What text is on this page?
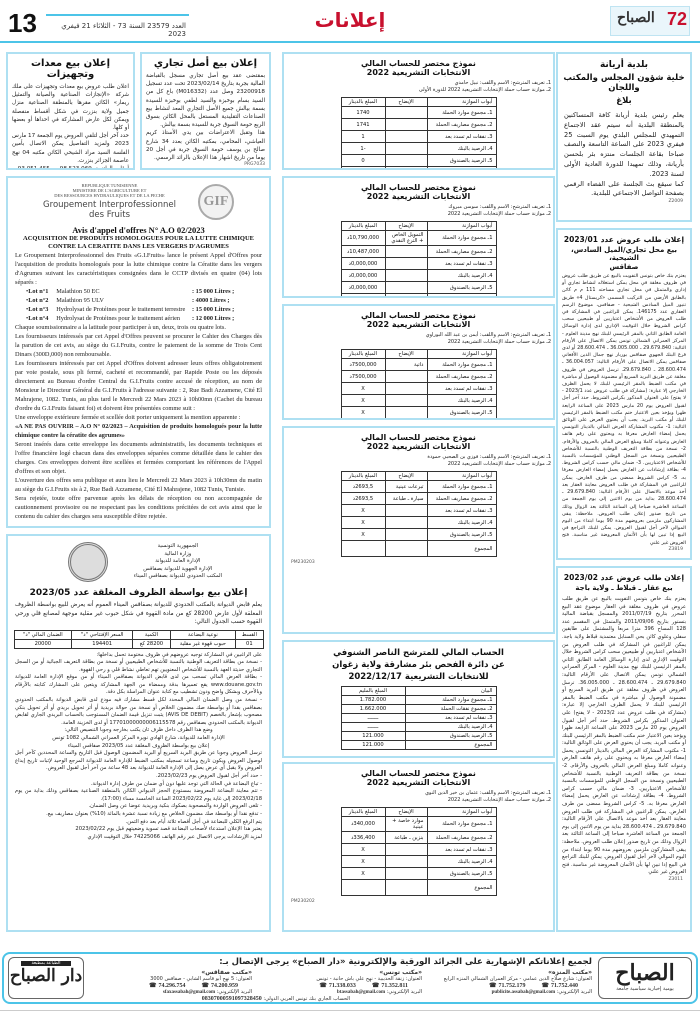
13	العدد 23579 السنة 73 - الثلاثاء 21 فيفري 2023
إعلانات	72
الصباح
إعلان بيع معدات وتجهيزات
اعلان طلب عروض بيع معدات وتجهيزات على ملك شركة «الإنجازات الصناعية والصيانة والتمثيل ريمار» الكائن مقرها بالمنطقة الصناعية منزل جميل ولاية بنزرت في شكل أقساط منفصلة ويمكن لكل عارض المشاركة في احداها أو بعضها أو كلها.
حدد آخر أجل لتلقي العروض يوم الجمعة 17 مارس 2023 ولمزيد التفاصيل يمكن الاتصال بأمين الفلسة السيد مراد الشيحي الكائن مكتبه 04 نهج عاصمة الجزائر بنزرت.
أرقام الهاتف: 98.523.069 ـ 93.051.455 ـ
إعلان بيع أصل تجاري
بمقتضى عقد بيع أصل تجاري مسجل بالقباضة المالية بجربة بتاريخ 2023/02/14 تحت عدد تسجيل 23200918 وصل عدد (M016332) باع كل من السيد بسام بوخبزة والسيد لطفي بوخبزة للسيدة بسمة بيالش جميع الأصل التجاري المعد لنشاط بيع الصناعات التقليدية المستغل بالمحل الكائن بسوق الربع حومة السوق جربة للسيدة بسمة بيالش.
هذا وتقبل الاعتراضات بين يدي الأستاذ كريم العياشي، المحامي، بمكتبه الكائن بعدد 34 شارع صالح بن يوسف حومة السوق جربة في أجل 20 يوما من تاريخ اشهار هذا الإعلان بالرائد الرسمي.
PRG7033
REPUBLIQUE TUNISIENNE
MINISTERE DE L'AGRICULTURE ET
DES RESSOURCES HYDRAULIQUES ET DE LA PECHE
Groupement Interprofessionnel
des Fruits
GIF
Avis d'appel d'offres N° A.O 02/2023
ACQUISITION DE PRODUITS HOMOLOGUES POUR LA LUTTE CHIMIQUE CONTRE LA CERATITE DANS LES VERGERS D'AGRUMES
Le Groupement Interprofessionnel des Fruits «G.I.Fruits» lance le présent Appel d'Offres pour l'acquisition de produits homologués pour la lutte chimique contre la Cératite dans les vergers d'Agrumes suivant les caractéristiques consignées dans le CCTP divisés en quatre (04) lots séparés :
• Lot n°1	Malathion 50 EC	: 15 000 Litres ;
• Lot n°2	Malathion 95 ULV	: 4000 Litres ;
• Lot n°3	Hydrolysat de Protéines pour le traitement terrestre	: 15 000 Litres ;
• Lot n°4	Hydrolysat de Protéines pour le traitement aérien	: 12 000 Litres ;
Chaque soumissionnaire a la latitude pour participer à un, deux, trois ou quatre lots.
Les fournisseurs intéressés par cet Appel d'Offres peuvent se procurer le Cahier des Charges dès la parution de cet avis, au siège du G.I.Fruits, contre le paiement de la somme de Trois Cent Dinars (300D,000) non remboursable.
Les fournisseurs intéressés par cet Appel d'Offres doivent adresser leurs offres obligatoirement par voie postale, sous pli fermé, cacheté et recommandé, par Rapide Poste ou les déposés directement au Bureau d'ordre Central du G.I.Fruits contre accusé de réception, au nom de Monsieur le Directeur Général du G.I.Fruits à l'adresse suivante : 2, Rue Badi Azzamene, Cité El Mahrajene, 1082. Tunis, au plus tard le Mercredi 22 Mars 2023 à 10h00mn (Cachet du bureau d'ordre du G.I.Fruits faisant foi) et doivent être présentées comme suit :
Une enveloppe extérieure fermée et scellée doit porter uniquement la mention apparente :
«A NE PAS OUVRIR – A.O N° 02/2023 – Acquisition de produits homologués pour la lutte chimique contre la cératite des agrumes»
Seront insérés dans cette enveloppe les documents administratifs, les documents techniques et l'offre financière logé chacun dans des enveloppes séparées comme détaillée dans le cahier des charges. Ces enveloppes doivent être scellées et fermées comportant les références de l'Appel d'offres et son objet.
L'ouverture des offres sera publique et aura lieu le Mercredi 22 Mars 2023 à 10h30mn du matin au siège du G.I.Fruits sis à 2, Rue Badi Azzamene, Cité El Mahrajene, 1082 Tunis, Tunisie.
Sera rejetée, toute offre parvenue après les délais de réception ou non accompagnée de cautionnement provisoire ou ne respectant pas les conditions précitées de cet avis ainsi que le contenu du cahier des charges sera susceptible d'être rejetée.
الجمهورية التونسية
وزارة المالية
الإدارة العامة للديوانة
الإدارة الجهوية للديوانة بصفاقس
المكتب الحدودي للديوانة بصفاقس الميناء
إعلان بيع بواسطة الظروف المغلقة عدد 2023/05
يعلم قابض الديوانة بالمكتب الحدودي للديوانة بصفاقس الميناء العموم أنه يعرض للبيع بواسطة الظروف المغلقة لأول عارض 28200 كغ من مادة القهوة في شكل حبوب غير مقلية موجهة لمصانع قلي ورحي القهوة حسب الجدول التالي:
القسط	نوعية البضاعة	الكمية	السعر الإفتتاحي "د"	الضمان المالي "د"
01	حبوب قهوة غير مقلية	28200 كغ	194401	20000
على الراغبين في المشاركة توجيه عروضهم في ظروف مختومة تحمل بداخلها:
- نسخة من بطاقة التعريف الوطنية بالنسبة للأشخاص الطبيعيين أو نسخة من بطاقة التعريف الجبائية أو من السجل التجاري حديثة العهد بالنسبة للأشخاص المعنويين تهم تعاطي نشاط قلي و رحي القهوة.
- بطاقة العرض المالي تسحب من لدى قابض الديوانة بصفاقس الميناء أو من موقع الإدارة العامة للديوانة www.douane.gov.tn يقع تعميرها بدقة وممضاة من الجهة المشاركة ويتعين على المشارك كتابته بالأرقام وبالأحرف وبشكل واضح ودون تشطيب مع كتابة عنوان المراسلة بكل دقة.
- نسخة من وصل الضمان المالي المحدد لكل قسط مشارك فيه مودع لدى قابض الديوانة بالمكتب الحدودي بصفاقس بقدا أو بواسطة صك مضمون الخلاص أو نسخة من حوالة بريدية أو أثر تحويل بريدي أو أثر تحويل بنكي مصحوب بإشعار بالخصم (AVIS DE DEBIT) يثبت تنزيل قيمة الضمان المستوجب بالحساب البريدي الجاري لقابض الديوانة بالمكتب الحدودي بصفاقس رقم 17701000000006115578 أو لدى الخزينة العامة.
وضع هذا الظرف داخل ظرف ثان يكتب بخارجه وجوبا التنصيص التالي:
الإدارة العامة للديوانة، شارع الهادي نويرة المركز العمراني الشمالي 1082 تونس
إعلان بيع بواسطة الظروف المغلقة عدد 2023/05 صفاقس الميناء
ترسل العروض وجوبا عن طريق البريد السريع أو البريد المضمون الوصول قبل التاريخ والساعة المحددين كآخر أجل لوصول العروض ويكون تاريخ وساعة تسجيله بمكتب الضبط للإدارة العامة للديوانة المرجع الوحيد لإثبات تاريخ إيداع العروض ولا يقبل أي عرض يصل إلى الإدارة العامة للديوانة بعد 48 ساعة من آخر أجل لقبول العروض.
- حدد آخر أجل لقبول العروض يوم 2023/02/23.
- تباع البضاعة في الحالة التي توجد عليها دون أي ضمان من طرف إدارة الديوانة.
- تتم معاينة البضاعة المعروضة بمستودع الحجز الديواني الكائن بالمنطقة الصناعية بصفاقس وذلك بداية من يوم 2023/02/18 إلى غاية يوم 2023/02/22 الساعة الخامسة مساء (17:00).
- تلغى العروض الواردة والمصحوبة بصكوك بنكية وبريدية عوضا عن وصل الضمان.
- تدفع نقدا أو بواسطة صك مضمون الخلاص مع زيادة نسبة عشرة بالمائة (10%) بعنوان مصاريف بيع.
يتم الرفع الكلي للبضاعة في أجل أقصاه ثلاثة أيام بعد دفع الثمن.
يعتبر هذا الإعلان استدعاء لأصحاب البضاعة قصد تسوية وضعيتهم قبل يوم 2023/02/22
لمزيد الإرشادات يرجى الاتصال عبر رقم الهاتف 74225066 خلال التوقيت الإداري
نموذج مختصر للحساب المالي
الانتخابات التشريعية 2022
1ـ تعريف المترشح: الاسم واللقب: نبيل حامدي
2ـ موازنة حساب حملة الإنتخابات التشريعية 2022 للدورة الأولى
أبواب الموازنة	الإيضاح	المبلغ بالدينار
1ـ مجموع موارد الحملة		1740
2ـ مجموع مصاريف الحملة		1741
3ـ نفقات لم تسدد بعد		1
4ـ الرصيد بالبنك		-1
5ـ الرصيد بالصندوق		0

نموذج مختصر للحساب المالي
الانتخابات التشريعية 2022
1ـ تعريف المترشح: الاسم واللقب: سوسن مبروك
2ـ موازنة حساب حملة الإنتخابات التشريعية 2022
أبواب الموازنة	الإيضاح	المبلغ بالدينار
1ـ مجموع موارد الحملة	التمويل الخاص + الترع النقدي	10,790,000د
2ـ مجموع مصاريف الحملة		10,487,000د
3ـ نفقات لم تسدد بعد		0,000,000د
4ـ الرصيد بالبنك		0,000,000د
5ـ الرصيد بالصندوق		0,000,000د

نموذج مختصر للحساب المالي
الانتخابات التشريعية 2022
1ـ تعريف المترشح: الاسم واللقب: أيمن بن عبد الله البوراوي
2ـ موازنة حساب حملة الإنتخابات التشريعية 2022
أبواب الموازنة	الإيضاح	المبلغ بالدينار
1ـ مجموع موارد الحملة	ذاتية	7500,000د
2ـ مجموع مصاريف الحملة		7500,000د
3ـ نفقات لم تسدد بعد		X
4ـ الرصيد بالبنك		X
5ـ الرصيد بالصندوق		X

نموذج مختصر للحساب المالي
الانتخابات التشريعية 2022
1ـ تعريف المترشح: الاسم واللقب: فوزي بن الصحبي حمودة
2ـ موازنة حساب حملة الإنتخابات التشريعية 2022
أبواب الموازنة	الإيضاح	المبلغ بالدينار
1ـ مجموع موارد الحملة	تبرعات عينية	2693,5د
2ـ مجموع مصاريف الحملة	سيارة ـ طباعة	2693,5د
3ـ نفقات لم تسدد بعد		X
4ـ الرصيد بالبنك		X
5ـ الرصيد بالصندوق		X
المجموع		
PM230203
نموذج مختصر للحساب المالي
الانتخابات التشريعية 2022
1ـ تعريف المترشح: الاسم واللقب: عثمان بن خير الدين النوي
2ـ موازنة حساب حملة الإنتخابات التشريعية 2022
أبواب الموازنة	الإيضاح	المبلغ بالدينار
1ـ مجموع موارد الحملة	موارد خاصة + عينية	340,000د
2ـ مجموع مصاريف الحملة	بنزين ـ طباعة	336,400د
3ـ نفقات لم تسدد بعد		X
4ـ الرصيد بالبنك		X
5ـ الرصيد بالصندوق		X
المجموع		
PM230202
الحساب المالي للمترشح الناصر الشنوفي
عن دائرة الفحص بئر مشارقة ولاية زغوان
للانتخابات التشريعية 2022/12/17
البيان	المبلغ بالمليم
1ـ مجموع موارد الحملة	1.782.000
2ـ مجموع نفقات الحملة	1.662.000
3ـ نفقات لم تسدد بعد	ـــــــ
4ـ الرصيد بالبنك	ـــــــ
5ـ الرصيد بالصندوق	121.000
المجموع	121.000
بلدية أريانة
خلية شؤون المجلس والمكتب واللجان
بلاغ
يعلم رئيس بلدية أريانة كافة المتساكنين بالمنطقة البلدية أنه سيتم عقد الاجتماع التمهيدي للمجلس البلدي يوم السبت 25 فيفري 2023 على الساعة التاسعة والنصف صباحا بقاعة الجلسات منتزه بئر بلحسن بأريانة، وذلك تمهيدا للدورة العادية الأولى لسنة 2023.
كما سيقع بث الجلسة على الفضاء الرقمي بصفحة التواصل الاجتماعي للبلدية.
Z2009
إعلان طلب عروض عدد 2023/01
بيع محل تجاري/الميل السادس، الشيحية،
صفاقس
يعتزم بنك خاص بتونس التفويت بالبيع عن طريق طلب عروض في ظروف مغلقة في محل يمكن استغلاله لنشاط تجاري أو إداري والمتمثل في محل تجاري مساحته 111 م م كائن بالطابق الأرضي من التركيب المسمى «كريستال 4» طريق تنيور الميل السادس الشيحية - صفاقس، موضوع الرسم العقاري عدد 146175. يمكن للراغبين في المشاركة في طلب العروض من الأشخاص اعتباريين أو طبيعيين سحب كراس الشروط خلال التوقيت الإداري لدى إدارة الوسائل العامة الطابق الثاني بالمقر الرئيسي للبنك نهج مدينة العلوم - المركز العمراني الشمالي تونس يمكن الاتصال على الأرقام التالية: 29.679.840 ـ 36.005.000 ـ 28.600.474 أو لدى فرع البنك الجهوي صفاقس بوربار نهج جمال الدين الأفغاني صفاقس يمكن الاتصال على الأرقام التالية: 36.004.057 ـ 28.600.474 ـ 29.679.840. ترسل العروض في ظروف مغلقة عن طريق البريد السريع أو مضمونة الوصول أو مباشرة في مكتب الضبط بالمقر الرئيسي للبنك لا يحمل الظرف الخارجي إلا عبارة: (مشاركة في طلب عروض عدد 2023/1 - لا يفتح) على العنوان المذكور بكراس الشروط. حدد آخر أجل لقبول العروض يوم 20 مارس 2023 على الساعة الرابعة ظهرا ويؤخذ بعين الاعتبار ختم مكتب الضبط بالمقر الرئيسي للبنك أو مكتب البريد. يجب أن يحتوي العرض على الوثائق التالية: 1- مكتوب المشاركة العرض المالي بالدينار التونسي يحمل إمضاء العارض معرفا به ويحتوي على رقم هاتف العارض وعنوانه كاملا ومبلغ العرض المالي بالحروف والأرقام. 2- نسخة من بطاقة التعريف الوطنية بالنسبة للأشخاص الطبيعيين ونسخة من السجل الوطني للمؤسسات بالنسبة للأشخاص الاعتباريين. 3- ضمان مالي حسب كراس الشروط. 4- بطاقة إرشادات عن العارض يحمل إمضاء العارض معرفا به. 5- كراس الشروط ممضى من طرف العارض. يمكن للراغبين في المشاركة في طلب العروض معاينة العقار بعد أخذ موعد بالاتصال على الأرقام التالية: 29.679.840 ـ 28.600.474 بداية من يوم الاثنين إلى يوم الجمعة من الساعة العاشرة صباحا إلى الساعة الثالثة بعد الزوال وذلك من تاريخ صدور إعلان طلب العروض. ملاحظة: يبقى المشاركون ملزمين بعروضهم مدة 90 يوما ابتداء من اليوم الموالي لآخر أجل لقبول العروض. يمكن للبنك التراجع في البيع إذا تبين لها بأن الأثمان المعروضة غير مناسبة. فتح العروض غير علني
Z3819
إعلان طلب عروض عدد 2023/02
بيع عقار ـ قبلاط ـ ولاية باجة
يعتزم بنك خاص بتونس التفويت بالبيع عن طريق طلب عروض في ظروف مغلقة في العقار موضوع عقد البيع المحرر بتاريخ 2011/07/19 والمسجل بقباضة المالية بتستور بتاريخ 2011/09/06 والمتمثل في المقسم عدد 128 المساح 396 مترا مربعا والمشتمل على طابقين سفلي وعلوي كائن بحي السنابل معتمدية قبلاط ولاية باجة. يمكن للراغبين في المشاركة في طلب العروض من الأشخاص اعتباريين أو طبيعيين سحب كراس الشروط خلال التوقيت الإداري لدى إدارة الوسائل العامة الطابق الثاني بالمقر الرئيسي للبنك نهج مدينة العلوم - المركز العمراني الشمالي تونس يمكن الاتصال على الأرقام التالية: 29.679.840 ـ 28.600.474 ـ 36.005.000. ترسل العروض في ظروف مغلقة عن طريق البريد السريع أو مضمونة الوصول أو مباشرة في مكتب الضبط بالمقر الرئيسي للبنك لا يحمل الظرف الخارجي إلا عبارة: (مشاركة في طلب عروض عدد 2023/2 - لا يفتح) على العنوان المذكور بكراس الشروط. حدد آخر أجل لقبول العروض يوم 20 مارس 2023 على الساعة الرابعة ظهرا ويؤخذ بعين الاعتبار ختم مكتب الضبط بالمقر الرئيسي للبنك أو مكتب البريد. يجب أن يحتوي العرض على الوثائق التالية: 1- مكتوب المشاركة العرض المالي بالدينار التونسي يحمل إمضاء العارض معرفا به ويحتوي على رقم هاتف العارض وعنوانه كاملا ومبلغ العرض المالي بالحروف والأرقام. 2- نسخة من بطاقة التعريف الوطنية بالنسبة للأشخاص الطبيعيين ونسخة من السجل الوطني للمؤسسات بالنسبة للأشخاص الاعتباريين. 3- ضمان مالي حسب كراس الشروط. 4- بطاقة إرشادات عن العارض يحمل إمضاء العارض معرفا به. 5- كراس الشروط ممضى من طرف العارض. يمكن للراغبين في المشاركة في طلب العروض معاينة العقار بعد أخذ موعد بالاتصال على الأرقام التالية: 29.679.840 ـ 28.600.474 بداية من يوم الاثنين إلى يوم الجمعة من الساعة العاشرة صباحا إلى الساعة الثالثة بعد الزوال وذلك من تاريخ صدور إعلان طلب العروض. ملاحظة: يبقى المشاركون ملزمين بعروضهم مدة 90 يوما ابتداء من اليوم الموالي لآخر أجل لقبول العروض. يمكن للبنك التراجع في البيع إذا تبين لها بأن الأثمان المعروضة غير مناسبة. فتح العروض غير علني
Z3011
الصباح
يومية إخبارية سياسية جامعة
الطباعة بمطبعة
دار الصباح
لجميع إعلاناتكم الإشهارية على الجرائد الورقية والإلكترونية «دار الصباح» يرجى الإتصال بـ:
«مكتب المنزه»
العنوان: شارع صلاح الدين عمامي - مركز العمران الشمالي المنزه الرابع
☎ 71.752.179	☎ 71.752.440
البريد الإلكتروني: publicite.assabah@gmail.com
«مكتب تونس»
العنوان: زنقة الحديبية - نهج علي باش حانبة - تونس
☎ 71.338.033	☎ 71.352.811
البريد الإلكتروني: btassabah@gmail.com
«مكتب صفاقس»
العنوان: 5 نهج أبو قاسم الشابي - صفاقس 3000
☎ 74.296.754	☎ 74.200.959
البريد الإلكتروني: sfaxassabah@gmail.com
الحساب الجاري بنك تونس العربي الدولي: 08307000591097328450
